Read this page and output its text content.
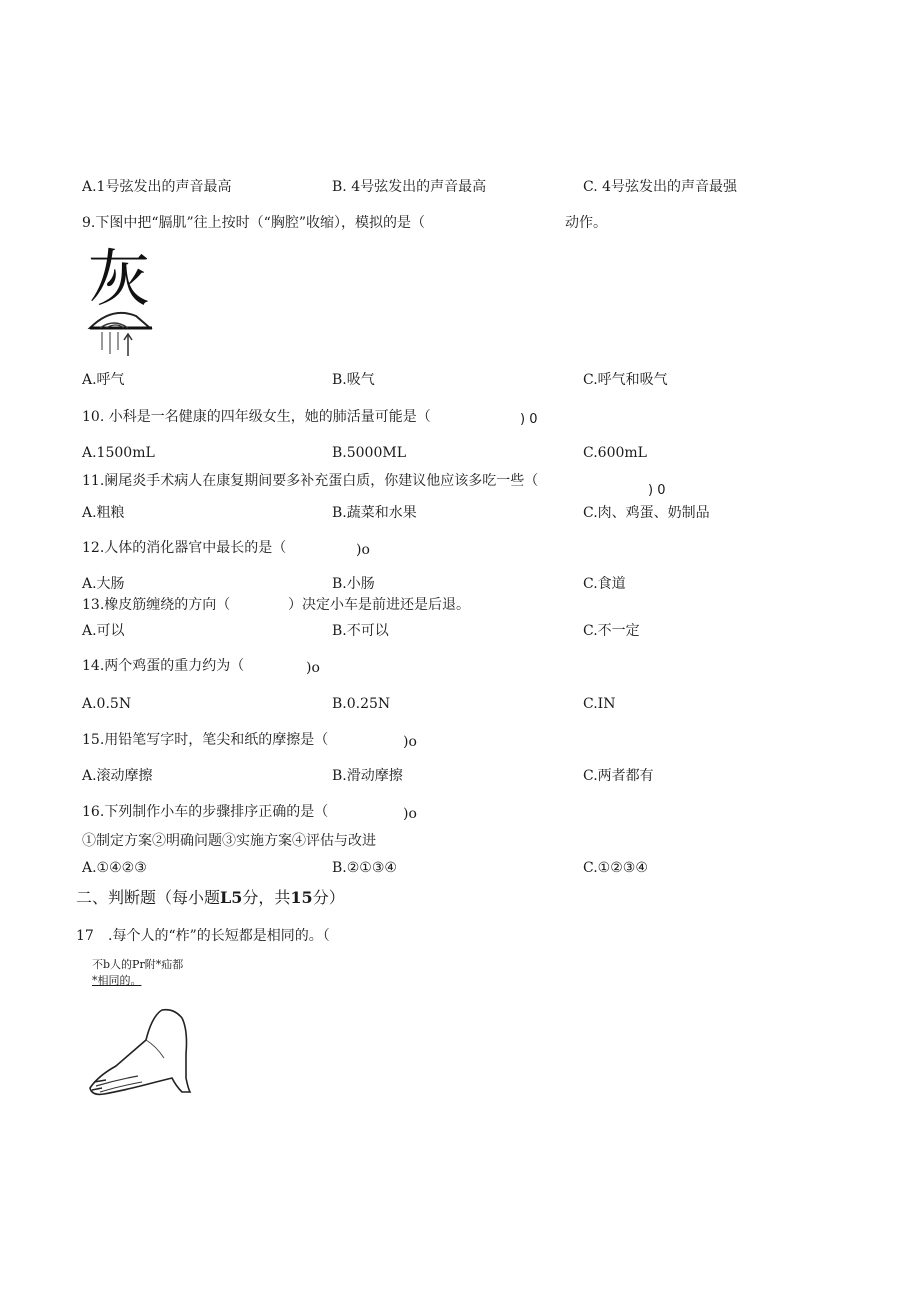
A.1号弦发出的声音最高	B. 4号弦发出的声音最高	C. 4号弦发出的声音最强
9.下图中把“膈肌”往上按时（“胸腔”收缩），模拟的是（	动作。
灰
A.呼气	B.吸气	C.呼气和吸气
10. 小科是一名健康的四年级女生，她的肺活量可能是（	) 0
A.1500mL	B.5000ML	C.600mL
11.阑尾炎手术病人在康复期间要多补充蛋白质，你建议他应该多吃一些（
) 0
A.粗粮	B.蔬菜和水果	C.肉、鸡蛋、奶制品
12.人体的消化器官中最长的是（	)o
A.大肠	B.小肠	C.食道
13.橡皮筋缠绕的方向（	）决定小车是前进还是后退。
A.可以	B.不可以	C.不一定
14.两个鸡蛋的重力约为（	)o
A.0.5N	B.0.25N	C.IN
15.用铅笔写字时，笔尖和纸的摩擦是（	)o
A.滚动摩擦	B.滑动摩擦	C.两者都有
16.下列制作小车的步骤排序正确的是（	)o
①制定方案②明确问题③实施方案④评估与改进
A.①④②③	B.②①③④	C.①②③④
二、判断题（每小题L5分，共15分）
17 .每个人的“柞”的长短都是相同的。（
不b人的Pr附*疝都
*相同的。
